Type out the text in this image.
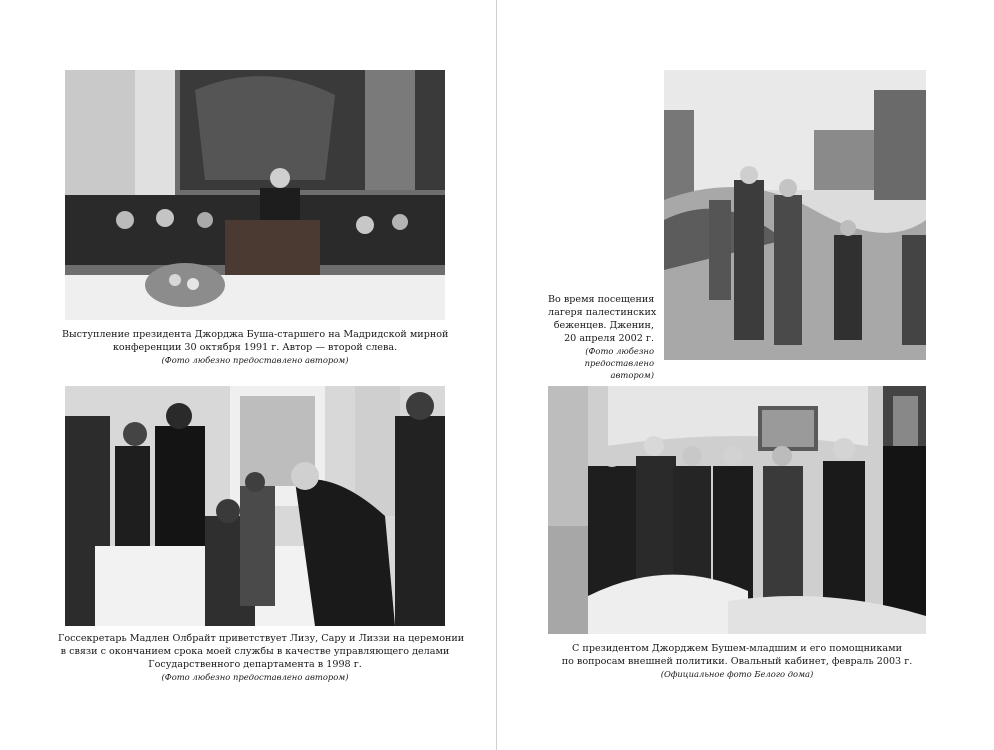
Выступление президента Джорджа Буша-старшего на Мадридской мирной
конференции 30 октября 1991 г. Автор — второй слева.
(Фото любезно предоставлено автором)
Во время посещения
лагеря палестинских
беженцев. Дженин,
20 апреля 2002 г.
(Фото любезно
предоставлено автором)
Госсекретарь Мадлен Олбрайт приветствует Лизу, Сару и Лиззи на церемонии
в связи с окончанием срока моей службы в качестве управляющего делами
Государственного департамента в 1998 г.
(Фото любезно предоставлено автором)
С президентом Джорджем Бушем-младшим и его помощниками
по вопросам внешней политики. Овальный кабинет, февраль 2003 г.
(Официальное фото Белого дома)
